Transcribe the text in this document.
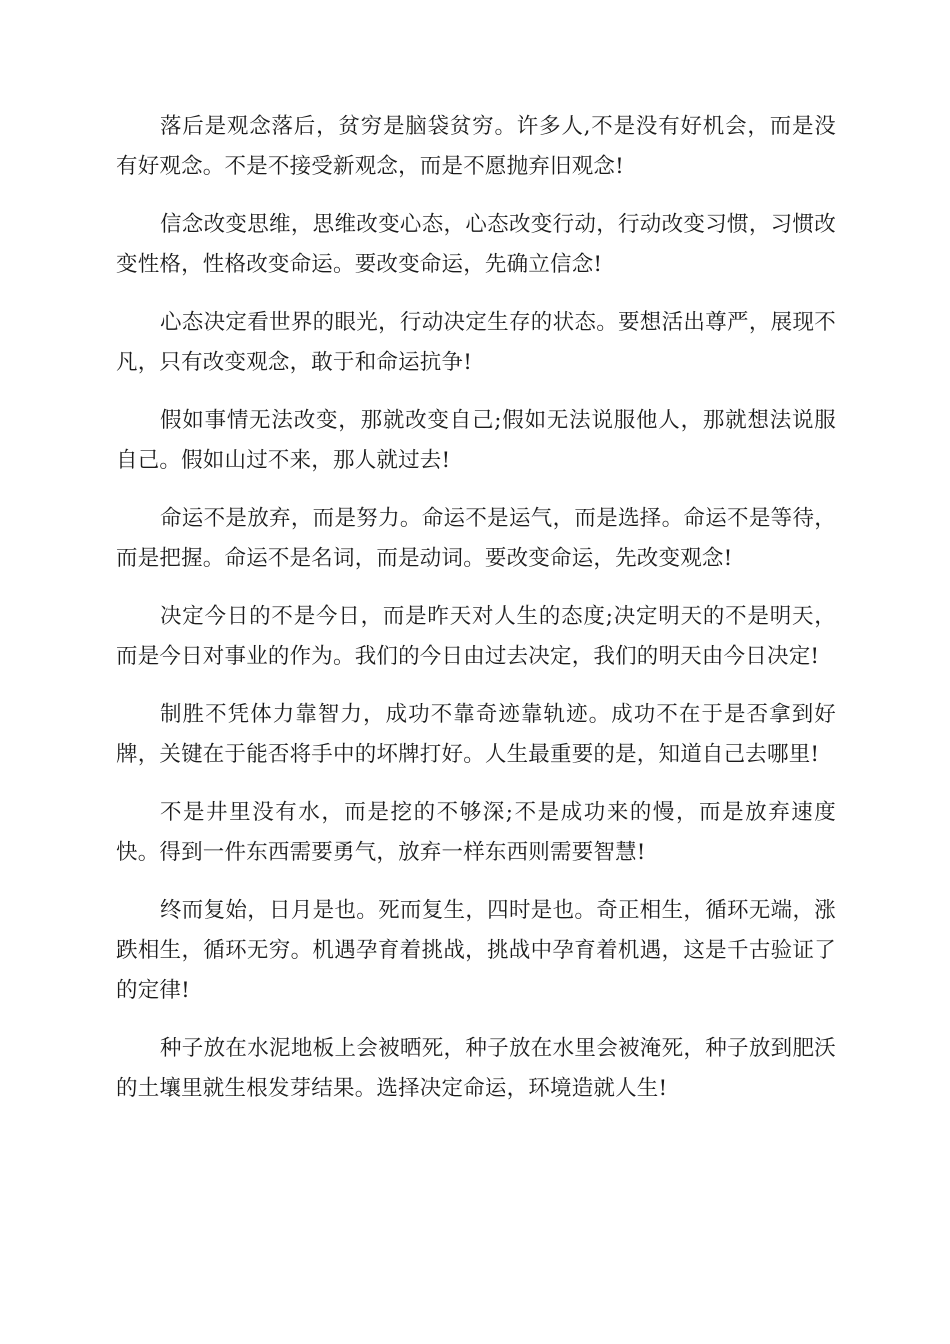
落后是观念落后，贫穷是脑袋贫穷。许多人,不是没有好机会，而是没有好观念。不是不接受新观念，而是不愿抛弃旧观念!

信念改变思维，思维改变心态，心态改变行动，行动改变习惯，习惯改变性格，性格改变命运。要改变命运，先确立信念!

心态决定看世界的眼光，行动决定生存的状态。要想活出尊严，展现不凡，只有改变观念，敢于和命运抗争!

假如事情无法改变，那就改变自己;假如无法说服他人，那就想法说服自己。假如山过不来，那人就过去!

命运不是放弃，而是努力。命运不是运气，而是选择。命运不是等待，而是把握。命运不是名词，而是动词。要改变命运，先改变观念!

决定今日的不是今日，而是昨天对人生的态度;决定明天的不是明天，而是今日对事业的作为。我们的今日由过去决定，我们的明天由今日决定!

制胜不凭体力靠智力，成功不靠奇迹靠轨迹。成功不在于是否拿到好牌，关键在于能否将手中的坏牌打好。人生最重要的是，知道自己去哪里!

不是井里没有水，而是挖的不够深;不是成功来的慢，而是放弃速度快。得到一件东西需要勇气，放弃一样东西则需要智慧!

终而复始，日月是也。死而复生，四时是也。奇正相生，循环无端，涨跌相生，循环无穷。机遇孕育着挑战，挑战中孕育着机遇，这是千古验证了的定律!

种子放在水泥地板上会被晒死，种子放在水里会被淹死，种子放到肥沃的土壤里就生根发芽结果。选择决定命运，环境造就人生!
